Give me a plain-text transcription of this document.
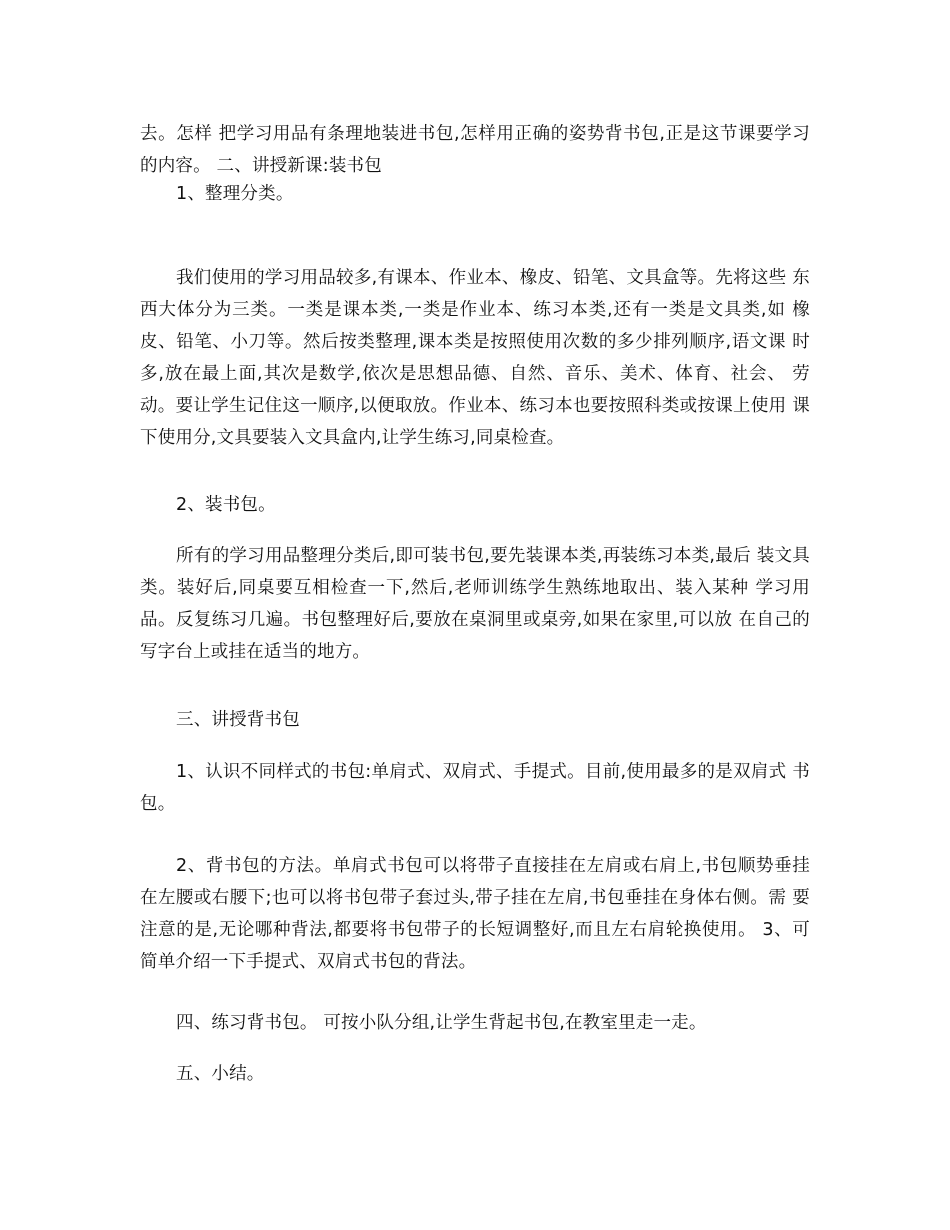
去。怎样 把学习用品有条理地装进书包,怎样用正确的姿势背书包,正是这节课要学习的内容。 二、讲授新课:装书包

1、整理分类。

我们使用的学习用品较多,有课本、作业本、橡皮、铅笔、文具盒等。先将这些 东西大体分为三类。一类是课本类,一类是作业本、练习本类,还有一类是文具类,如 橡皮、铅笔、小刀等。然后按类整理,课本类是按照使用次数的多少排列顺序,语文课 时多,放在最上面,其次是数学,依次是思想品德、自然、音乐、美术、体育、社会、 劳动。要让学生记住这一顺序,以便取放。作业本、练习本也要按照科类或按课上使用 课下使用分,文具要装入文具盒内,让学生练习,同桌检查。

2、装书包。

所有的学习用品整理分类后,即可装书包,要先装课本类,再装练习本类,最后 装文具类。装好后,同桌要互相检查一下,然后,老师训练学生熟练地取出、装入某种 学习用品。反复练习几遍。书包整理好后,要放在桌洞里或桌旁,如果在家里,可以放 在自己的写字台上或挂在适当的地方。

三、讲授背书包

1、认识不同样式的书包:单肩式、双肩式、手提式。目前,使用最多的是双肩式 书包。

2、背书包的方法。单肩式书包可以将带子直接挂在左肩或右肩上,书包顺势垂挂 在左腰或右腰下;也可以将书包带子套过头,带子挂在左肩,书包垂挂在身体右侧。需 要注意的是,无论哪种背法,都要将书包带子的长短调整好,而且左右肩轮换使用。 3、可简单介绍一下手提式、双肩式书包的背法。

四、练习背书包。 可按小队分组,让学生背起书包,在教室里走一走。

五、小结。
